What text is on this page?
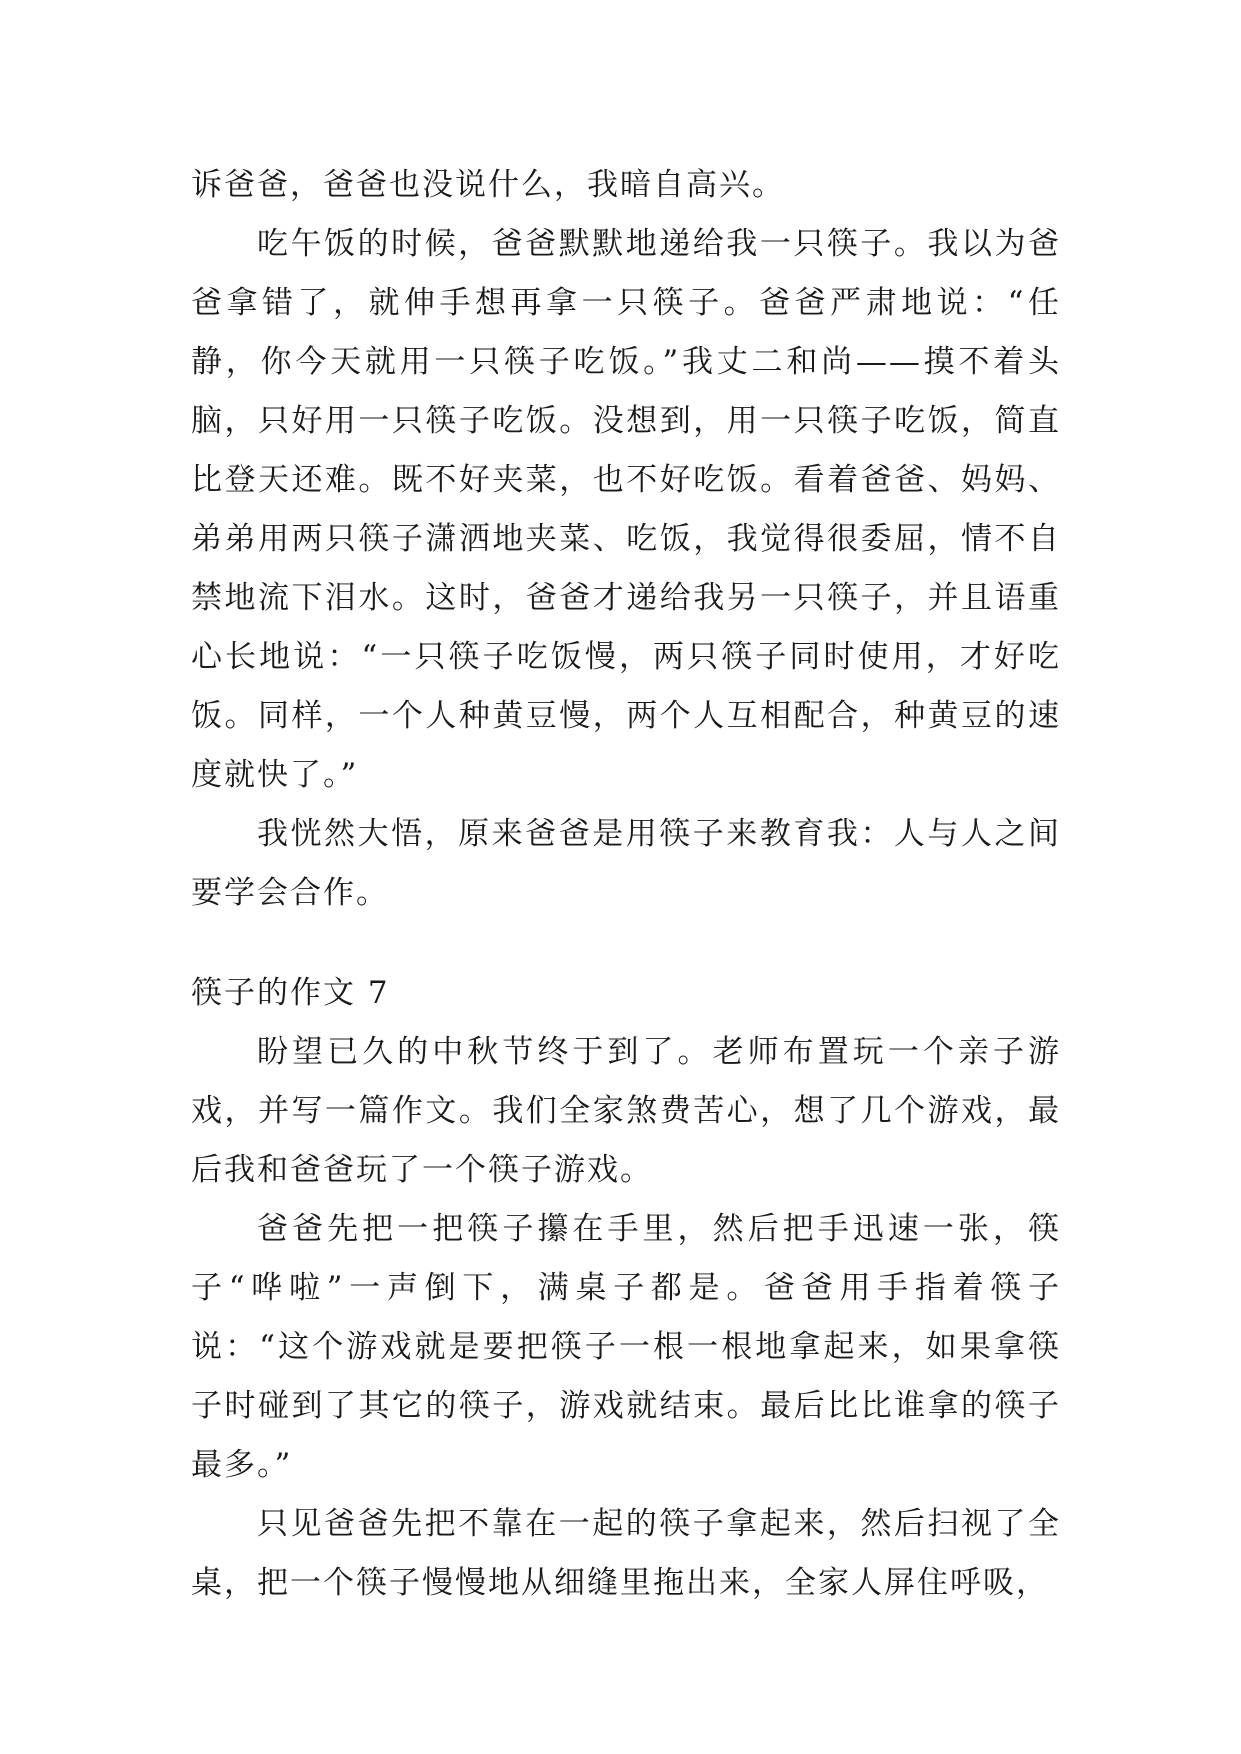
诉爸爸，爸爸也没说什么，我暗自高兴。

吃午饭的时候，爸爸默默地递给我一只筷子。我以为爸爸拿错了，就伸手想再拿一只筷子。爸爸严肃地说：“任静，你今天就用一只筷子吃饭。”我丈二和尚——摸不着头脑，只好用一只筷子吃饭。没想到，用一只筷子吃饭，简直比登天还难。既不好夹菜，也不好吃饭。看着爸爸、妈妈、弟弟用两只筷子潇洒地夹菜、吃饭，我觉得很委屈，情不自禁地流下泪水。这时，爸爸才递给我另一只筷子，并且语重心长地说：“一只筷子吃饭慢，两只筷子同时使用，才好吃饭。同样，一个人种黄豆慢，两个人互相配合，种黄豆的速度就快了。”

我恍然大悟，原来爸爸是用筷子来教育我：人与人之间要学会合作。

筷子的作文 7

盼望已久的中秋节终于到了。老师布置玩一个亲子游戏，并写一篇作文。我们全家煞费苦心，想了几个游戏，最后我和爸爸玩了一个筷子游戏。

爸爸先把一把筷子攥在手里，然后把手迅速一张，筷子“哗啦”一声倒下，满桌子都是。爸爸用手指着筷子说：“这个游戏就是要把筷子一根一根地拿起来，如果拿筷子时碰到了其它的筷子，游戏就结束。最后比比谁拿的筷子最多。”

只见爸爸先把不靠在一起的筷子拿起来，然后扫视了全桌，把一个筷子慢慢地从细缝里拖出来，全家人屏住呼吸，
